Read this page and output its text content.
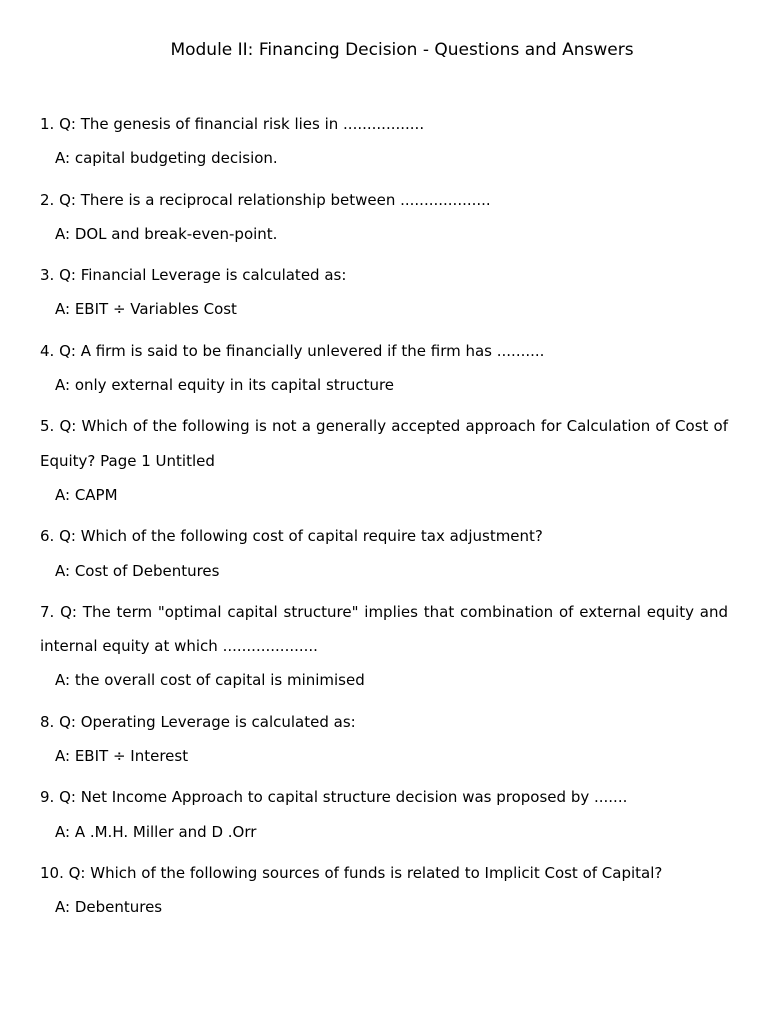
Module II: Financing Decision - Questions and Answers

1. Q: The genesis of financial risk lies in .................

A: capital budgeting decision.

2. Q: There is a reciprocal relationship between ...................

A: DOL and break-even-point.

3. Q: Financial Leverage is calculated as:

A: EBIT ÷ Variables Cost

4. Q: A firm is said to be financially unlevered if the firm has ..........

A: only external equity in its capital structure

5. Q: Which of the following is not a generally accepted approach for Calculation of Cost of Equity? Page 1 Untitled

A: CAPM

6. Q: Which of the following cost of capital require tax adjustment?

A: Cost of Debentures

7. Q: The term "optimal capital structure" implies that combination of external equity and internal equity at which ....................

A: the overall cost of capital is minimised

8. Q: Operating Leverage is calculated as:

A: EBIT ÷ Interest

9. Q: Net Income Approach to capital structure decision was proposed by .......

A: A .M.H. Miller and D .Orr

10. Q: Which of the following sources of funds is related to Implicit Cost of Capital?

A: Debentures
